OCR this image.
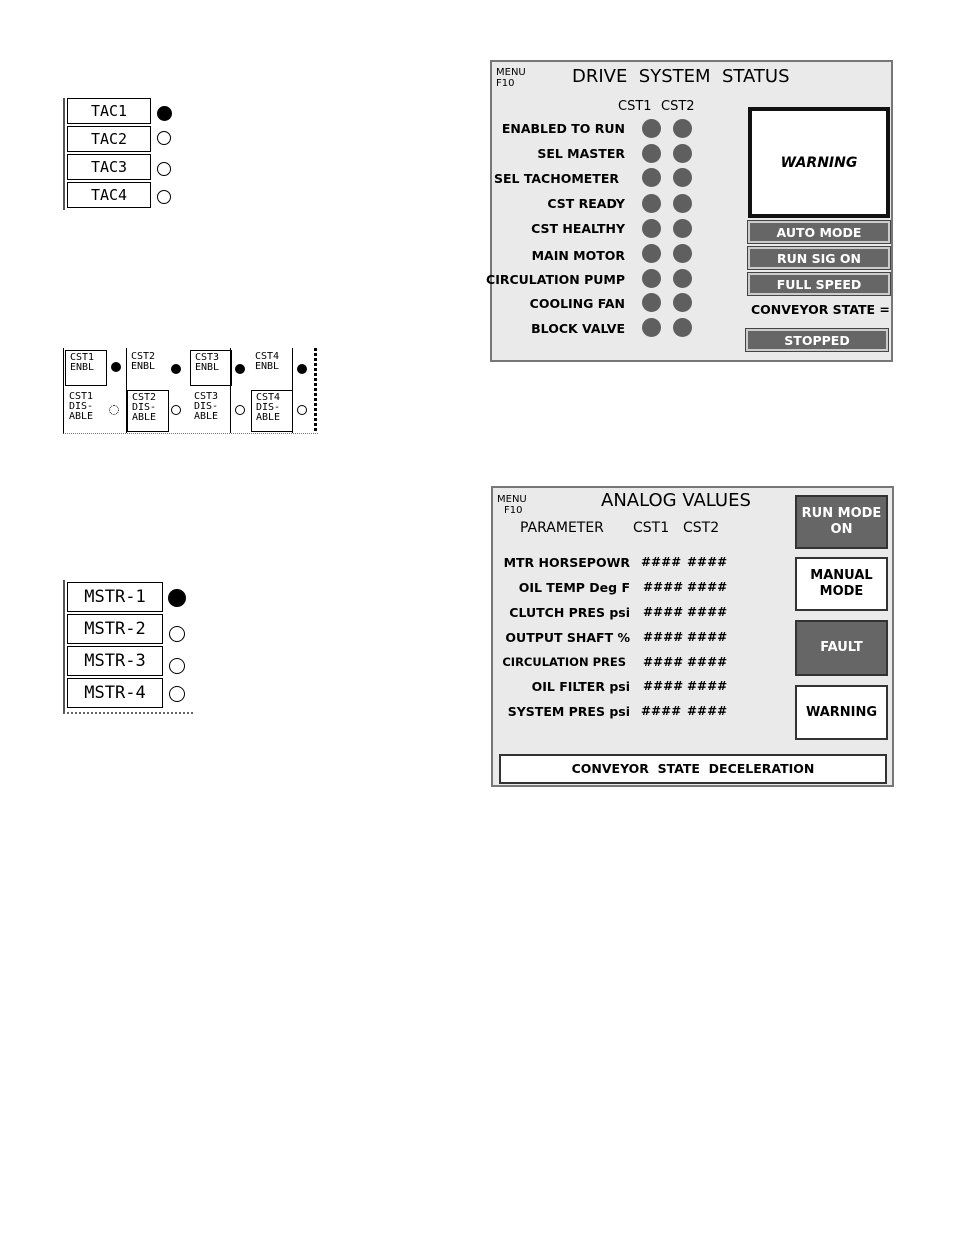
TAC1
TAC2
TAC3
TAC4
CST1
ENBL
CST2
ENBL
CST3
ENBL
CST4
ENBL
CST1
DIS-
ABLE
CST2
DIS-
ABLE
CST3
DIS-
ABLE
CST4
DIS-
ABLE
MSTR-1
MSTR-2
MSTR-3
MSTR-4
MENU
F10	DRIVE  SYSTEM  STATUS
CST1 CST2
ENABLED TO RUN
SEL MASTER
SEL TACHOMETER
CST READY
CST HEALTHY
MAIN MOTOR
CIRCULATION PUMP
COOLING FAN
BLOCK VALVE
WARNING
AUTO MODE
RUN SIG ON
FULL SPEED
CONVEYOR STATE =
STOPPED
MENU
F10	ANALOG VALUES
PARAMETER CST1 CST2
MTR HORSEPOWR
OIL TEMP Deg F
CLUTCH PRES psi
OUTPUT SHAFT %
CIRCULATION PRES
OIL FILTER psi
SYSTEM PRES psi
#### ####
#### ####
#### ####
#### ####
#### ####
#### ####
#### ####
RUN MODE
ON
MANUAL
MODE
FAULT
WARNING
CONVEYOR  STATE  DECELERATION
